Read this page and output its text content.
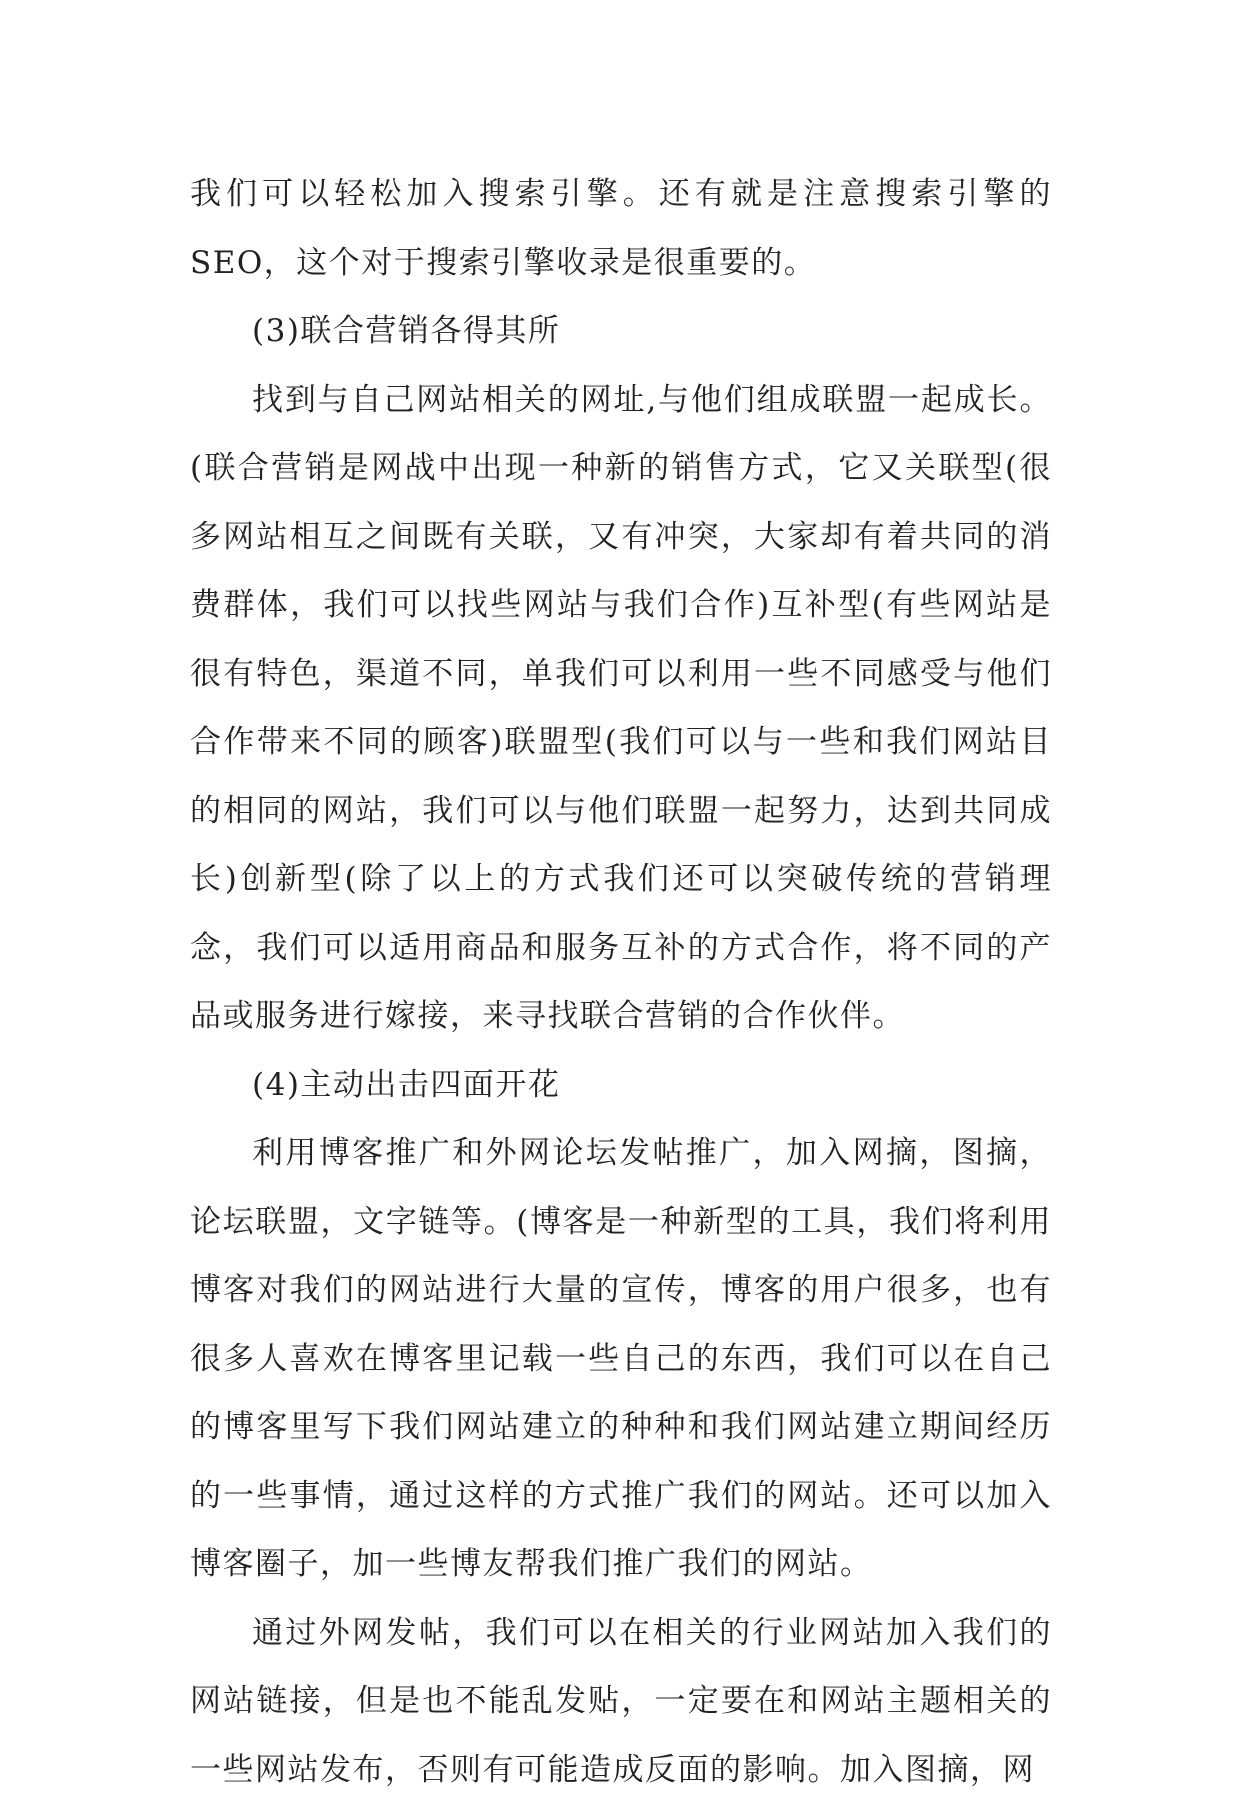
我们可以轻松加入搜索引擎。还有就是注意搜索引擎的SEO，这个对于搜索引擎收录是很重要的。

(3)联合营销各得其所

找到与自己网站相关的网址,与他们组成联盟一起成长。(联合营销是网战中出现一种新的销售方式，它又关联型(很多网站相互之间既有关联，又有冲突，大家却有着共同的消费群体，我们可以找些网站与我们合作)互补型(有些网站是很有特色，渠道不同，单我们可以利用一些不同感受与他们合作带来不同的顾客)联盟型(我们可以与一些和我们网站目的相同的网站，我们可以与他们联盟一起努力，达到共同成长)创新型(除了以上的方式我们还可以突破传统的营销理念，我们可以适用商品和服务互补的方式合作，将不同的产品或服务进行嫁接，来寻找联合营销的合作伙伴。

(4)主动出击四面开花

利用博客推广和外网论坛发帖推广，加入网摘，图摘，论坛联盟，文字链等。(博客是一种新型的工具，我们将利用博客对我们的网站进行大量的宣传，博客的用户很多，也有很多人喜欢在博客里记载一些自己的东西，我们可以在自己的博客里写下我们网站建立的种种和我们网站建立期间经历的一些事情，通过这样的方式推广我们的网站。还可以加入博客圈子，加一些博友帮我们推广我们的网站。

通过外网发帖，我们可以在相关的行业网站加入我们的网站链接，但是也不能乱发贴，一定要在和网站主题相关的一些网站发布，否则有可能造成反面的影响。加入图摘，网
